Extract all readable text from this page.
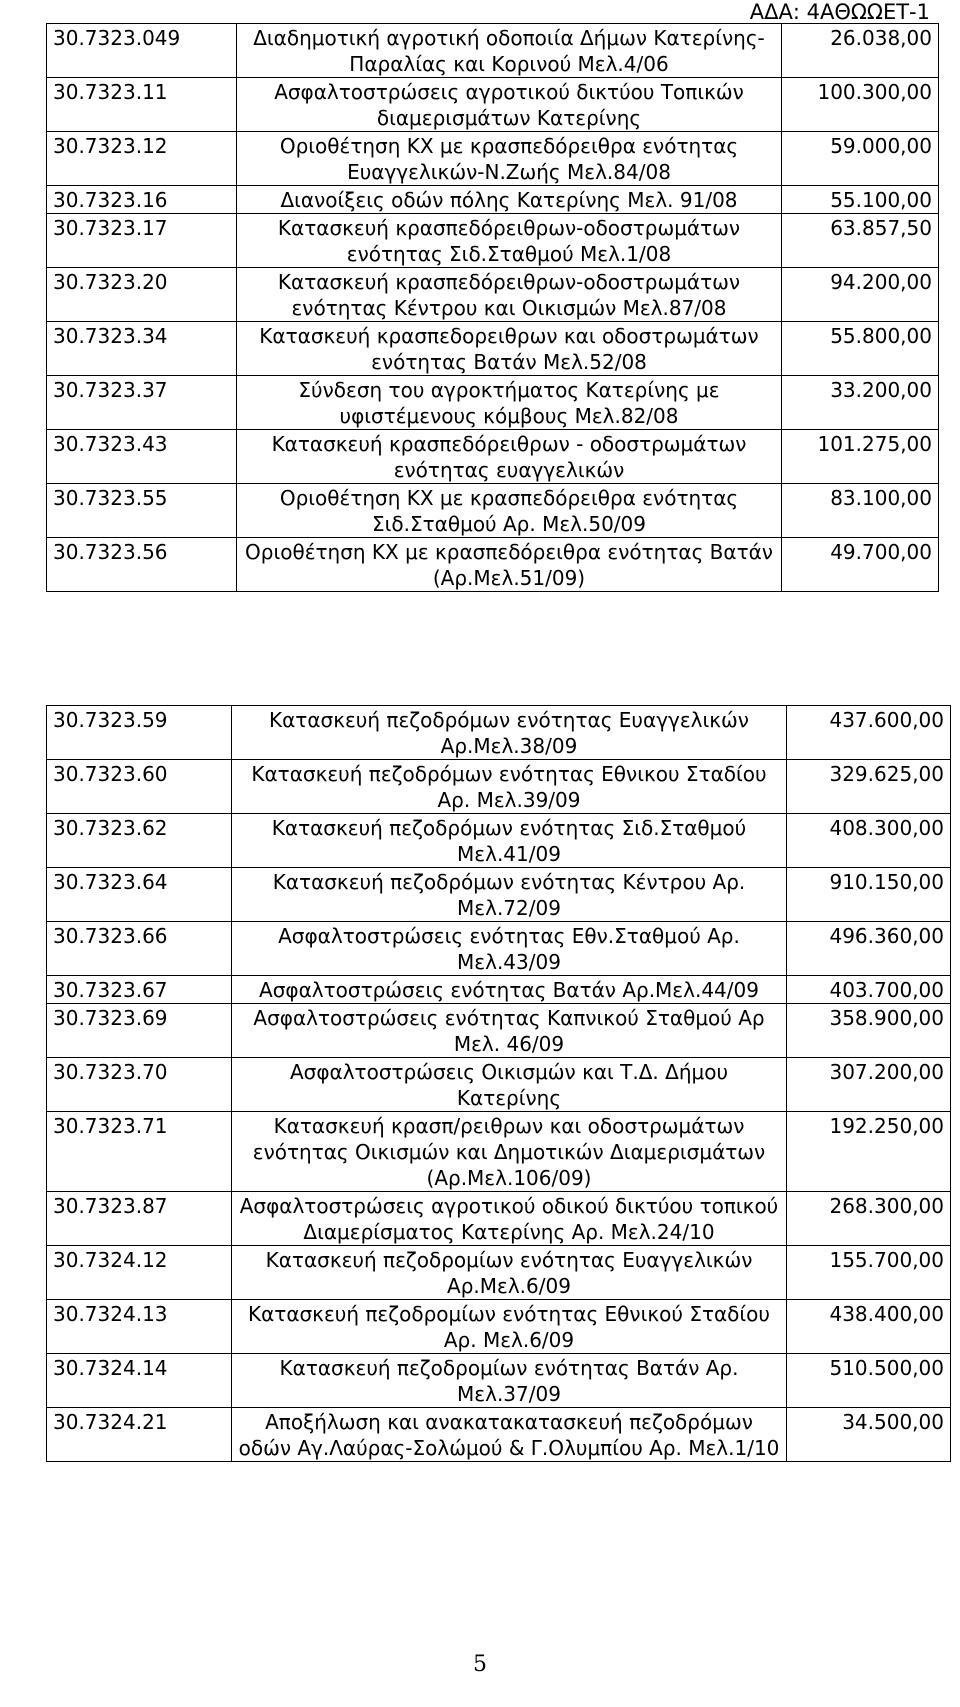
ΑΔΑ: 4ΑΘΩΩΕΤ-1
30.7323.049	Διαδημοτική αγροτική οδοποιία Δήμων Κατερίνης-Παραλίας και Κορινού Μελ.4/06	26.038,00
30.7323.11	Ασφαλτοστρώσεις αγροτικού δικτύου Τοπικών διαμερισμάτων Κατερίνης	100.300,00
30.7323.12	Οριοθέτηση ΚΧ με κρασπεδόρειθρα ενότητας Ευαγγελικών-Ν.Ζωής Μελ.84/08	59.000,00
30.7323.16	Διανοίξεις οδών πόλης Κατερίνης Μελ. 91/08	55.100,00
30.7323.17	Κατασκευή κρασπεδόρειθρων-οδοστρωμάτων ενότητας Σιδ.Σταθμού Μελ.1/08	63.857,50
30.7323.20	Κατασκευή κρασπεδόρειθρων-οδοστρωμάτων ενότητας Κέντρου και Οικισμών Μελ.87/08	94.200,00
30.7323.34	Κατασκευή κρασπεδορειθρων και οδοστρωμάτων ενότητας Βατάν Μελ.52/08	55.800,00
30.7323.37	Σύνδεση του αγροκτήματος Κατερίνης με υφιστέμενους κόμβους Μελ.82/08	33.200,00
30.7323.43	Κατασκευή κρασπεδόρειθρων - οδοστρωμάτων ενότητας ευαγγελικών	101.275,00
30.7323.55	Οριοθέτηση ΚΧ με κρασπεδόρειθρα ενότητας Σιδ.Σταθμού Αρ. Μελ.50/09	83.100,00
30.7323.56	Οριοθέτηση ΚΧ με κρασπεδόρειθρα ενότητας Βατάν (Αρ.Μελ.51/09)	49.700,00
30.7323.59	Κατασκευή πεζοδρόμων ενότητας Ευαγγελικών Αρ.Μελ.38/09	437.600,00
30.7323.60	Κατασκευή πεζοδρόμων ενότητας Εθνικου Σταδίου Αρ. Μελ.39/09	329.625,00
30.7323.62	Κατασκευή πεζοδρόμων ενότητας Σιδ.Σταθμού Μελ.41/09	408.300,00
30.7323.64	Κατασκευή πεζοδρόμων ενότητας Κέντρου Αρ. Μελ.72/09	910.150,00
30.7323.66	Ασφαλτοστρώσεις ενότητας Εθν.Σταθμού Αρ. Μελ.43/09	496.360,00
30.7323.67	Ασφαλτοστρώσεις ενότητας Βατάν Αρ.Μελ.44/09	403.700,00
30.7323.69	Ασφαλτοστρώσεις ενότητας Καπνικού Σταθμού Αρ Μελ. 46/09	358.900,00
30.7323.70	Ασφαλτοστρώσεις Οικισμών και Τ.Δ. Δήμου Κατερίνης	307.200,00
30.7323.71	Κατασκευή κρασπ/ρειθρων και οδοστρωμάτων ενότητας Οικισμών και Δημοτικών Διαμερισμάτων (Αρ.Μελ.106/09)	192.250,00
30.7323.87	Ασφαλτοστρώσεις αγροτικού οδικού δικτύου τοπικού Διαμερίσματος Κατερίνης Αρ. Μελ.24/10	268.300,00
30.7324.12	Κατασκευή πεζοδρομίων ενότητας Ευαγγελικών Αρ.Μελ.6/09	155.700,00
30.7324.13	Κατασκευή πεζοδρομίων ενότητας Εθνικού Σταδίου Αρ. Μελ.6/09	438.400,00
30.7324.14	Κατασκευή πεζοδρομίων ενότητας Βατάν Αρ. Μελ.37/09	510.500,00
30.7324.21	Αποξήλωση και ανακατακατασκευή πεζοδρόμων οδών Αγ.Λαύρας-Σολώμού & Γ.Ολυμπίου Αρ. Μελ.1/10	34.500,00
5
